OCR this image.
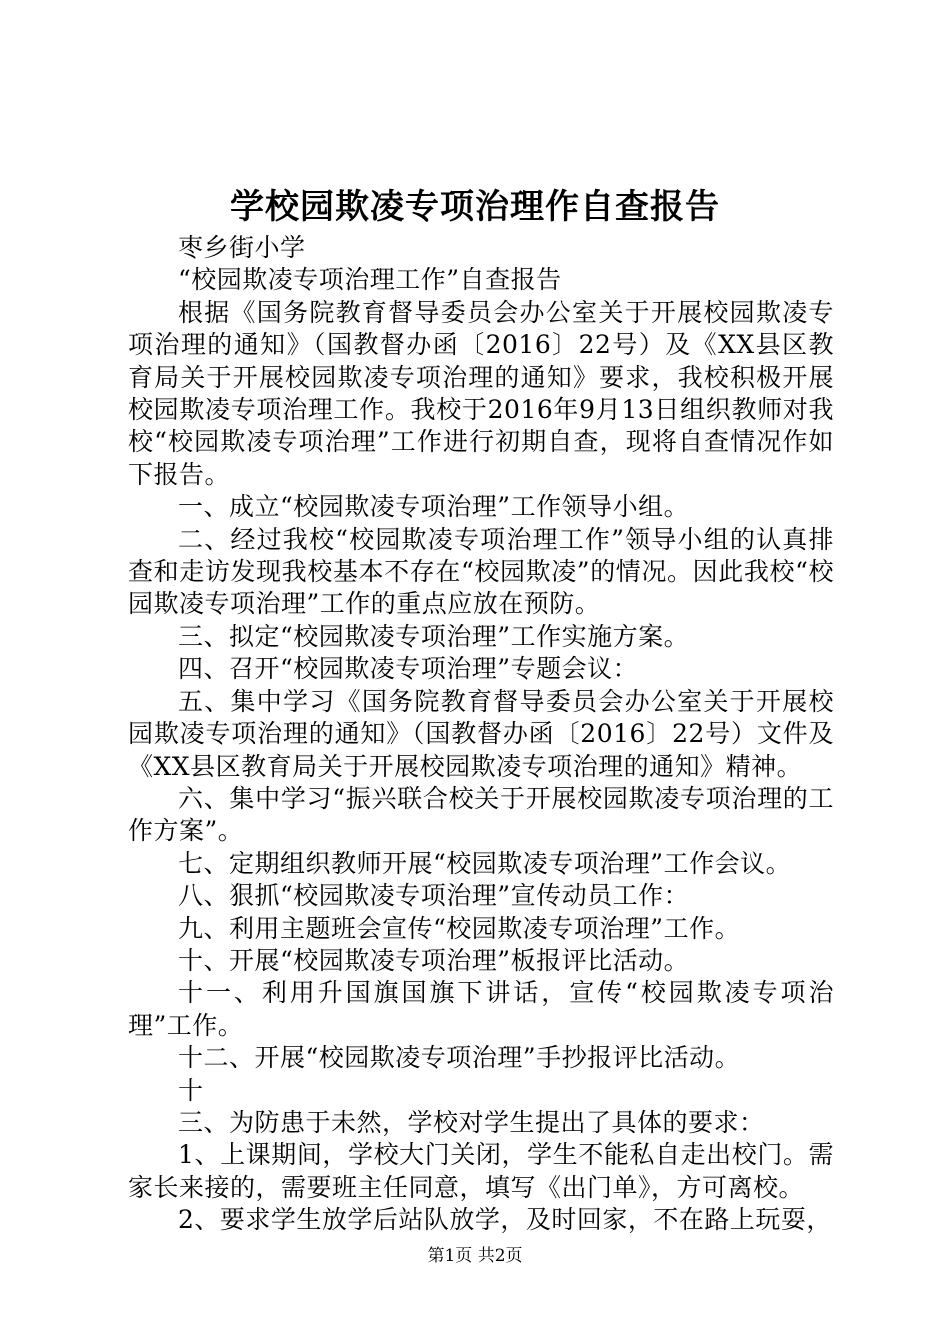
学校园欺凌专项治理作自查报告

枣乡街小学

“校园欺凌专项治理工作”自查报告

根据《国务院教育督导委员会办公室关于开展校园欺凌专项治理的通知》（国教督办函〔2016〕22号）及《XX县区教育局关于开展校园欺凌专项治理的通知》要求，我校积极开展校园欺凌专项治理工作。我校于2016年9月13日组织教师对我校“校园欺凌专项治理”工作进行初期自查，现将自查情况作如下报告。

一、成立“校园欺凌专项治理”工作领导小组。

二、经过我校“校园欺凌专项治理工作”领导小组的认真排查和走访发现我校基本不存在“校园欺凌”的情况。因此我校“校园欺凌专项治理”工作的重点应放在预防。

三、拟定“校园欺凌专项治理”工作实施方案。

四、召开“校园欺凌专项治理”专题会议：

五、集中学习《国务院教育督导委员会办公室关于开展校园欺凌专项治理的通知》（国教督办函〔2016〕22号）文件及《XX县区教育局关于开展校园欺凌专项治理的通知》精神。

六、集中学习“振兴联合校关于开展校园欺凌专项治理的工作方案”。

七、定期组织教师开展“校园欺凌专项治理”工作会议。

八、狠抓“校园欺凌专项治理”宣传动员工作：

九、利用主题班会宣传“校园欺凌专项治理”工作。

十、开展“校园欺凌专项治理”板报评比活动。

十一、利用升国旗国旗下讲话，宣传“校园欺凌专项治理”工作。

十二、开展“校园欺凌专项治理”手抄报评比活动。

十

三、为防患于未然，学校对学生提出了具体的要求：

1、上课期间，学校大门关闭，学生不能私自走出校门。需家长来接的，需要班主任同意，填写《出门单》，方可离校。

2、要求学生放学后站队放学，及时回家，不在路上玩耍，

第1页 共2页
